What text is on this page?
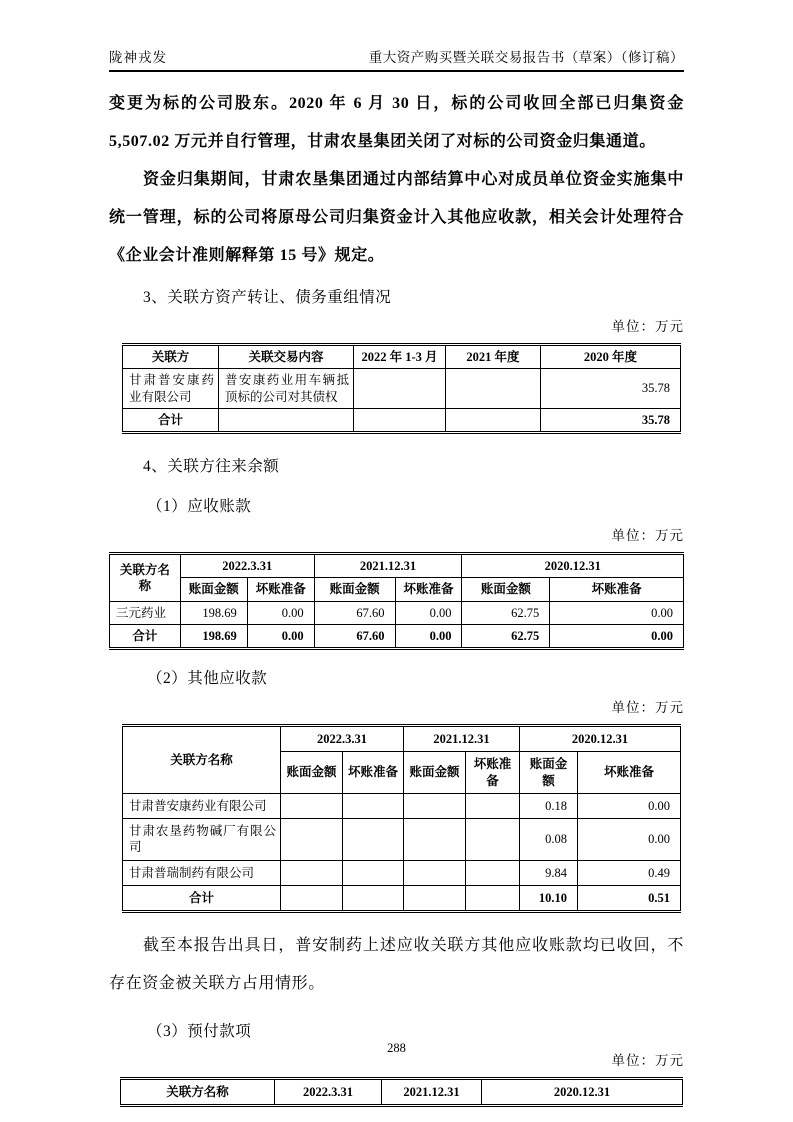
陇神戎发	重大资产购买暨关联交易报告书（草案）（修订稿）
变更为标的公司股东。2020 年 6 月 30 日，标的公司收回全部已归集资金 5,507.02 万元并自行管理，甘肃农垦集团关闭了对标的公司资金归集通道。
资金归集期间，甘肃农垦集团通过内部结算中心对成员单位资金实施集中统一管理，标的公司将原母公司归集资金计入其他应收款，相关会计处理符合《企业会计准则解释第 15 号》规定。
3、关联方资产转让、债务重组情况
单位：万元
关联方	关联交易内容	2022 年 1-3 月	2021 年度	2020 年度
甘肃普安康药业有限公司	普安康药业用车辆抵顶标的公司对其债权			35.78
合计				35.78
4、关联方往来余额
（1）应收账款
单位：万元
关联方名称	2022.3.31		2021.12.31		2020.12.31	
	账面金额	坏账准备	账面金额	坏账准备	账面金额	坏账准备
三元药业	198.69	0.00	67.60	0.00	62.75	0.00
合计	198.69	0.00	67.60	0.00	62.75	0.00
（2）其他应收款
单位：万元
关联方名称	2022.3.31		2021.12.31		2020.12.31	
	账面金额	坏账准备	账面金额	坏账准备	账面金额	坏账准备
甘肃普安康药业有限公司					0.18	0.00
甘肃农垦药物碱厂有限公司					0.08	0.00
甘肃普瑞制药有限公司					9.84	0.49
合计					10.10	0.51
截至本报告出具日，普安制药上述应收关联方其他应收账款均已收回，不存在资金被关联方占用情形。
（3）预付款项
单位：万元
关联方名称	2022.3.31	2021.12.31	2020.12.31
288
